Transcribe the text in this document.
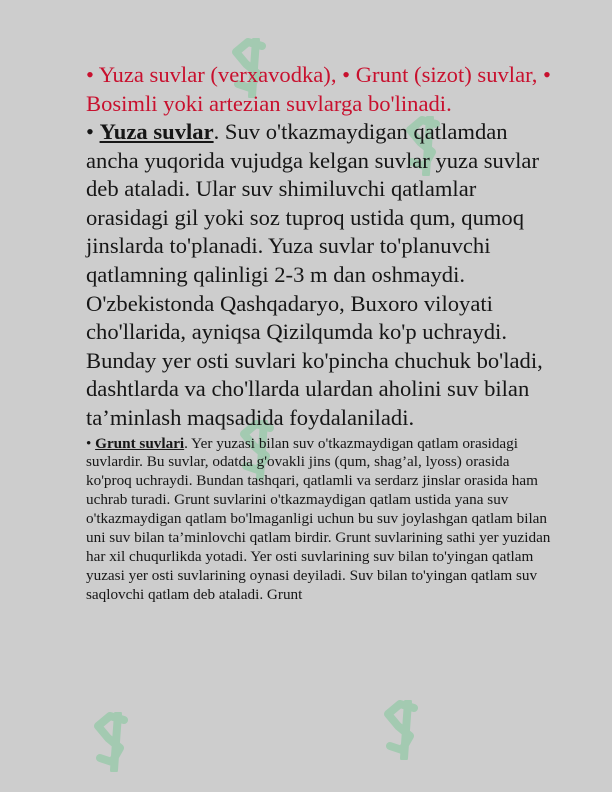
• Yuza suvlar (verxavodka), • Grunt (sizot) suvlar, • Bosimli yoki artezian suvlarga bo'linadi.

• Yuza suvlar. Suv o'tkazmaydigan qatlamdan ancha yuqorida vujudga kelgan suvlar yuza suvlar deb ataladi. Ular suv shimiluvchi qatlamlar orasidagi gil yoki soz tuproq ustida qum, qumoq jinslarda to'planadi. Yuza suvlar to'planuvchi qatlamning qalinligi 2-3 m dan oshmaydi. O'zbekistonda Qashqadaryo, Buxoro viloyati cho'llarida, ayniqsa Qizilqumda ko'p uchraydi. Bunday yer osti suvlari ko'pincha chuchuk bo'ladi, dashtlarda va cho'llarda ulardan aholini suv bilan ta’minlash maqsadida foydalaniladi.

• Grunt suvlari. Yer yuzasi bilan suv o'tkazmaydigan qatlam orasidagi suvlardir. Bu suvlar, odatda g'ovakli jins (qum, shag’al, lyoss) orasida ko'proq uchraydi. Bundan tashqari, qatlamli va serdarz jinslar orasida ham uchrab turadi. Grunt suvlarini o'tkazmaydigan qatlam ustida yana suv o'tkazmaydigan qatlam bo'lmaganligi uchun bu suv joylashgan qatlam bilan uni suv bilan ta’minlovchi qatlam birdir. Grunt suvlarining sathi yer yuzidan har xil chuqurlikda yotadi. Yer osti suvlarining suv bilan to'yingan qatlam yuzasi yer osti suvlarining oynasi deyiladi. Suv bilan to'yingan qatlam suv saqlovchi qatlam deb ataladi. Grunt
